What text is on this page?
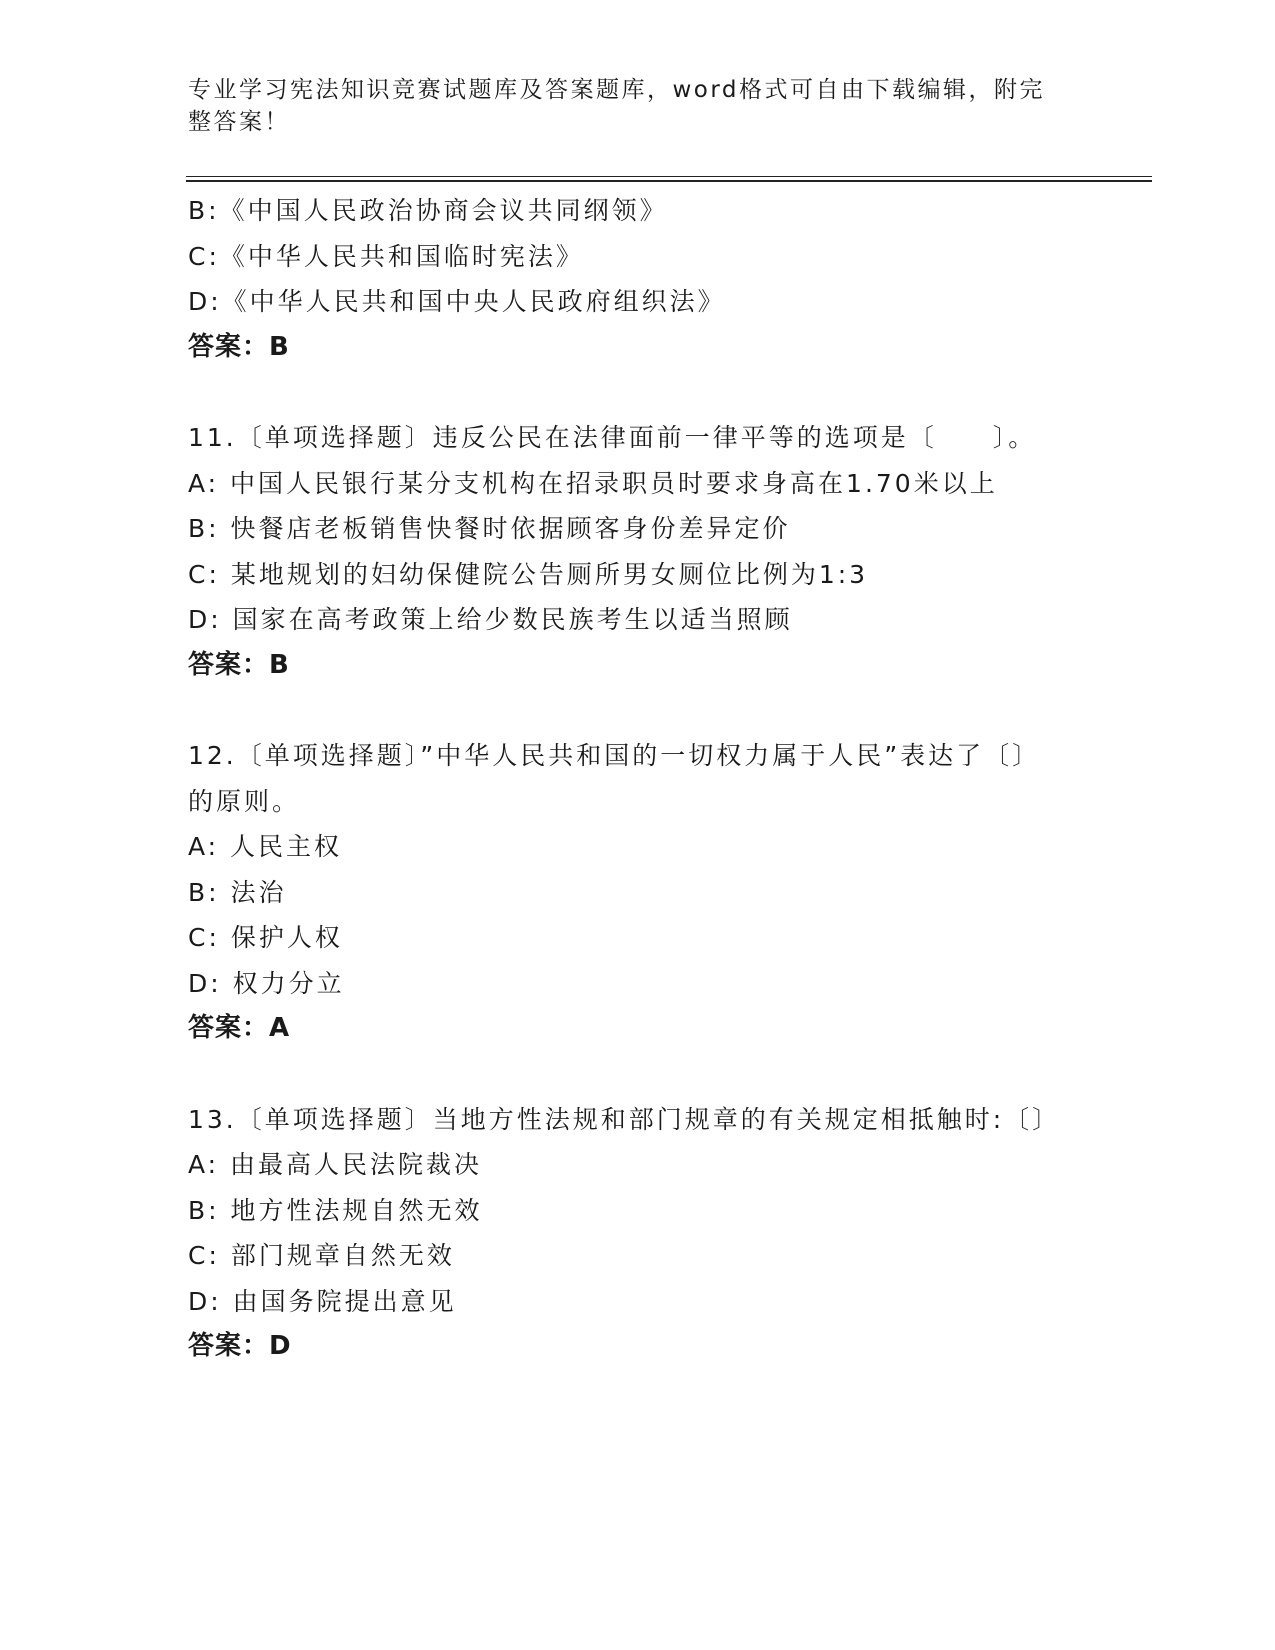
专业学习宪法知识竞赛试题库及答案题库，word格式可自由下载编辑，附完整答案！

B:《中国人民政治协商会议共同纲领》

C:《中华人民共和国临时宪法》

D:《中华人民共和国中央人民政府组织法》

答案：B

11.〔单项选择题〕违反公民在法律面前一律平等的选项是〔　　〕。

A: 中国人民银行某分支机构在招录职员时要求身高在1.70米以上

B: 快餐店老板销售快餐时依据顾客身份差异定价

C: 某地规划的妇幼保健院公告厕所男女厕位比例为1:3

D: 国家在高考政策上给少数民族考生以适当照顾

答案：B

12.〔单项选择题〕”中华人民共和国的一切权力属于人民”表达了〔〕的原则。

A: 人民主权

B: 法治

C: 保护人权

D: 权力分立

答案：A

13.〔单项选择题〕当地方性法规和部门规章的有关规定相抵触时:〔〕

A: 由最高人民法院裁决

B: 地方性法规自然无效

C: 部门规章自然无效

D: 由国务院提出意见

答案：D
